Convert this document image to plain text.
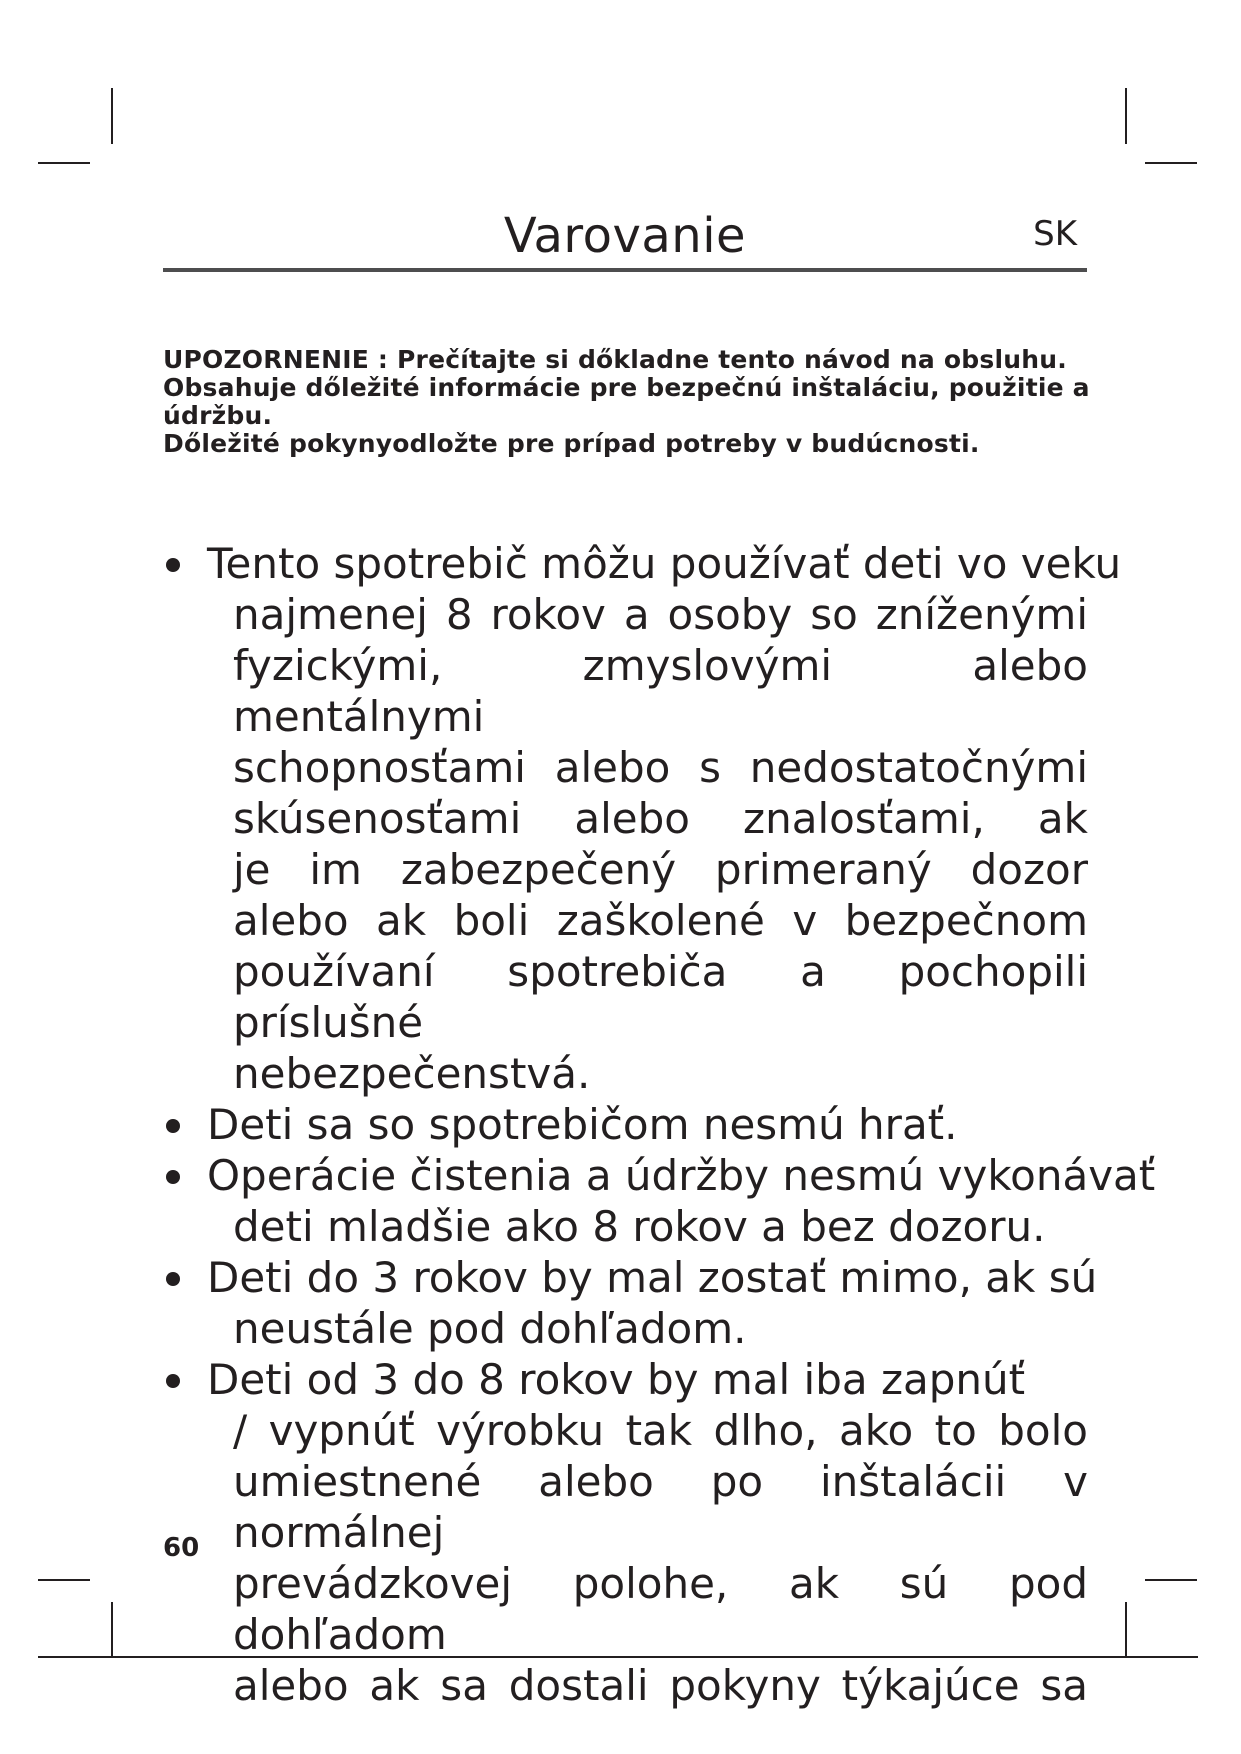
Varovanie	SK

UPOZORNENIE : Prečítajte si dőkladne tento návod na obsluhu.

Obsahuje dőležité informácie pre bezpečnú inštaláciu, použitie a

údržbu.

Dőležité pokynyodložte pre prípad potreby v budúcnosti.

Tento spotrebič môžu používať deti vo veku
najmenej 8 rokov a osoby so zníženými
fyzickými, zmyslovými alebo mentálnymi
schopnosťami alebo s nedostatočnými
skúsenosťami alebo znalosťami, ak
je im zabezpečený primeraný dozor
alebo ak boli zaškolené v bezpečnom
používaní spotrebiča a pochopili príslušné
nebezpečenstvá.
Deti sa so spotrebičom nesmú hrať.
Operácie čistenia a údržby nesmú vykonávať
deti mladšie ako 8 rokov a bez dozoru.
Deti do 3 rokov by mal zostať mimo, ak sú
neustále pod dohľadom.
Deti od 3 do 8 rokov by mal iba zapnúť
/ vypnúť výrobku tak dlho, ako to bolo
umiestnené alebo po inštalácii v normálnej
prevádzkovej polohe, ak sú pod dohľadom
alebo ak sa dostali pokyny týkajúce sa
60
